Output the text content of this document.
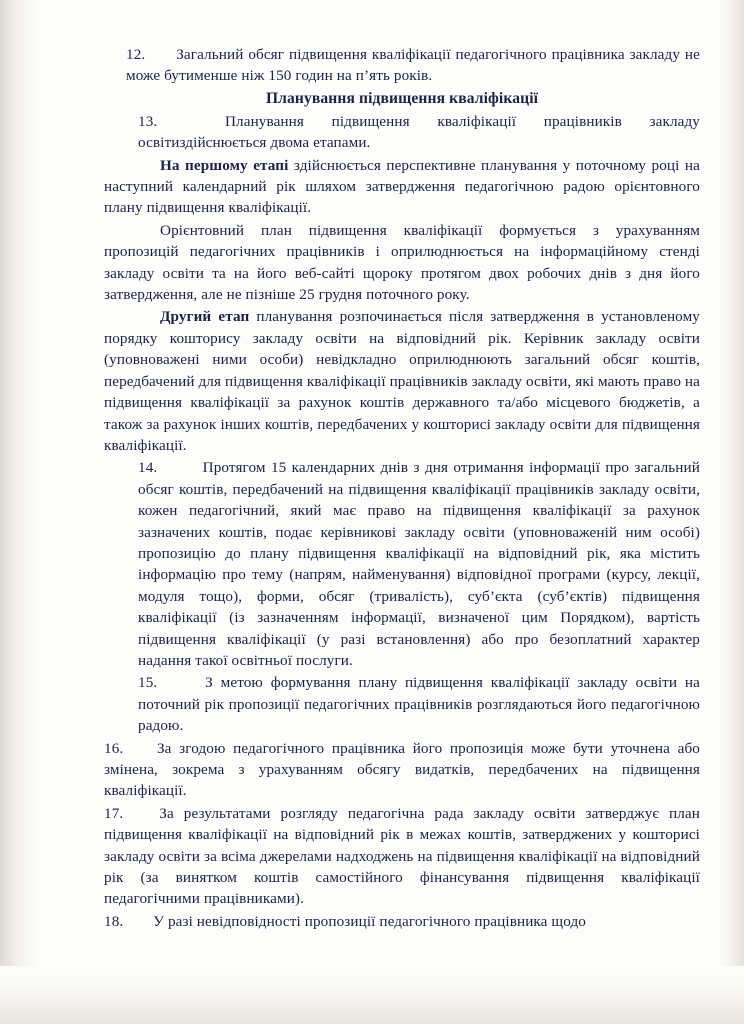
12. Загальний обсяг підвищення кваліфікації педагогічного працівника закладу не може бутименше ніж 150 годин на п’ять років.

Планування підвищення кваліфікації

13.	Планування підвищення кваліфікації працівників закладу освітиздійснюється двома етапами.

На першому етапі здійснюється перспективне планування у поточному році на наступний календарний рік шляхом затвердження педагогічною радою орієнтовного плану підвищення кваліфікації.

Орієнтовний план підвищення кваліфікації формується з урахуванням пропозицій педагогічних працівників і оприлюднюється на інформаційному стенді закладу освіти та на його веб-сайті щороку протягом двох робочих днів з дня його затвердження, але не пізніше 25 грудня поточного року.

Другий етап планування розпочинається після затвердження в установленому порядку кошторису закладу освіти на відповідний рік. Керівник закладу освіти (уповноважені ними особи) невідкладно оприлюднюють загальний обсяг коштів, передбачений для підвищення кваліфікації працівників закладу освіти, які мають право на підвищення кваліфікації за рахунок коштів державного та/або місцевого бюджетів, а також за рахунок інших коштів, передбачених у кошторисі закладу освіти для підвищення кваліфікації.

14.	Протягом 15 календарних днів з дня отримання інформації про загальний обсяг коштів, передбачений на підвищення кваліфікації працівників закладу освіти, кожен педагогічний, який має право на підвищення кваліфікації за рахунок зазначених коштів, подає керівникові закладу освіти (уповноваженій ним особі) пропозицію до плану підвищення кваліфікації на відповідний рік, яка містить інформацію про тему (напрям, найменування) відповідної програми (курсу, лекції, модуля тощо), форми, обсяг (тривалість), суб’єкта (суб’єктів) підвищення кваліфікації (із зазначенням інформації, визначеної цим Порядком), вартість підвищення кваліфікації (у разі встановлення) або про безоплатний характер надання такої освітньої послуги.

15.	З метою формування плану підвищення кваліфікації закладу освіти на поточний рік пропозиції педагогічних працівників розглядаються його педагогічною радою.

16. За згодою педагогічного працівника його пропозиція може бути уточнена або змінена, зокрема з урахуванням обсягу видатків, передбачених на підвищення кваліфікації.

17. За результатами розгляду педагогічна рада закладу освіти затверджує план підвищення кваліфікації на відповідний рік в межах коштів, затверджених у кошторисі закладу освіти за всіма джерелами надходжень на підвищення кваліфікації на відповідний рік (за винятком коштів самостійного фінансування підвищення кваліфікації педагогічними працівниками).

18. У разі невідповідності пропозиції педагогічного працівника щодо
